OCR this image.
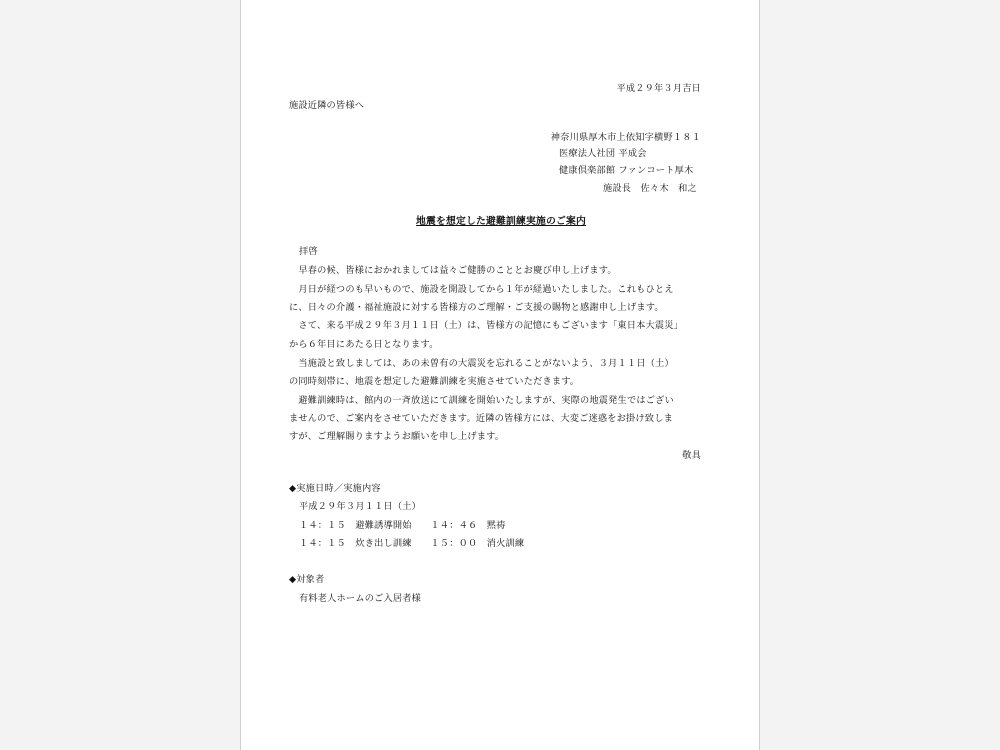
平成２９年３月吉日
施設近隣の皆様へ
神奈川県厚木市上依知字横野１８１
医療法人社団 平成会
健康倶楽部館 ファンコート厚木
施設長　佐々木　和之
地震を想定した避難訓練実施のご案内
拝啓
　早春の候、皆様におかれましては益々ご健勝のこととお慶び申し上げます。
　月日が経つのも早いもので、施設を開設してから１年が経過いたしました。これもひとえ
に、日々の介護・福祉施設に対する皆様方のご理解・ご支援の賜物と感謝申し上げます。
　さて、来る平成２９年３月１１日（土）は、皆様方の記憶にもございます「東日本大震災」
から６年目にあたる日となります。
　当施設と致しましては、あの未曽有の大震災を忘れることがないよう、３月１１日（土）
の同時刻帯に、地震を想定した避難訓練を実施させていただきます。
　避難訓練時は、館内の一斉放送にて訓練を開始いたしますが、実際の地震発生ではござい
ませんので、ご案内をさせていただきます。近隣の皆様方には、大変ご迷惑をお掛け致しま
すが、ご理解賜りますようお願いを申し上げます。
敬具
◆実施日時／実施内容
平成２９年３月１１日（土）
１４：１５　避難誘導開始　　１４：４６　黙祷
１４：１５　炊き出し訓練　　１５：００　消火訓練
◆対象者
有料老人ホームのご入居者様
